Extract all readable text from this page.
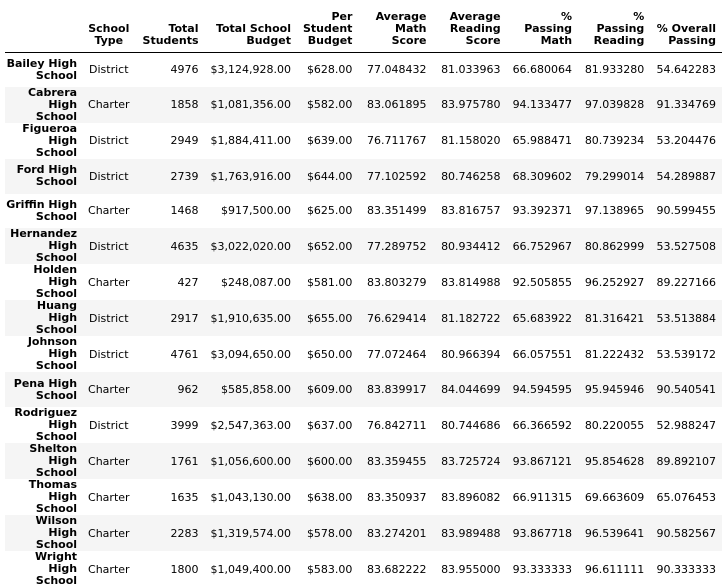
	School Type	Total Students	Total School Budget	Per Student Budget	Average Math Score	Average Reading Score	% Passing Math	% Passing Reading	% Overall Passing
Bailey High School	District	4976	$3,124,928.00	$628.00	77.048432	81.033963	66.680064	81.933280	54.642283
Cabrera High School	Charter	1858	$1,081,356.00	$582.00	83.061895	83.975780	94.133477	97.039828	91.334769
Figueroa High School	District	2949	$1,884,411.00	$639.00	76.711767	81.158020	65.988471	80.739234	53.204476
Ford High School	District	2739	$1,763,916.00	$644.00	77.102592	80.746258	68.309602	79.299014	54.289887
Griffin High School	Charter	1468	$917,500.00	$625.00	83.351499	83.816757	93.392371	97.138965	90.599455
Hernandez High School	District	4635	$3,022,020.00	$652.00	77.289752	80.934412	66.752967	80.862999	53.527508
Holden High School	Charter	427	$248,087.00	$581.00	83.803279	83.814988	92.505855	96.252927	89.227166
Huang High School	District	2917	$1,910,635.00	$655.00	76.629414	81.182722	65.683922	81.316421	53.513884
Johnson High School	District	4761	$3,094,650.00	$650.00	77.072464	80.966394	66.057551	81.222432	53.539172
Pena High School	Charter	962	$585,858.00	$609.00	83.839917	84.044699	94.594595	95.945946	90.540541
Rodriguez High School	District	3999	$2,547,363.00	$637.00	76.842711	80.744686	66.366592	80.220055	52.988247
Shelton High School	Charter	1761	$1,056,600.00	$600.00	83.359455	83.725724	93.867121	95.854628	89.892107
Thomas High School	Charter	1635	$1,043,130.00	$638.00	83.350937	83.896082	66.911315	69.663609	65.076453
Wilson High School	Charter	2283	$1,319,574.00	$578.00	83.274201	83.989488	93.867718	96.539641	90.582567
Wright High School	Charter	1800	$1,049,400.00	$583.00	83.682222	83.955000	93.333333	96.611111	90.333333
